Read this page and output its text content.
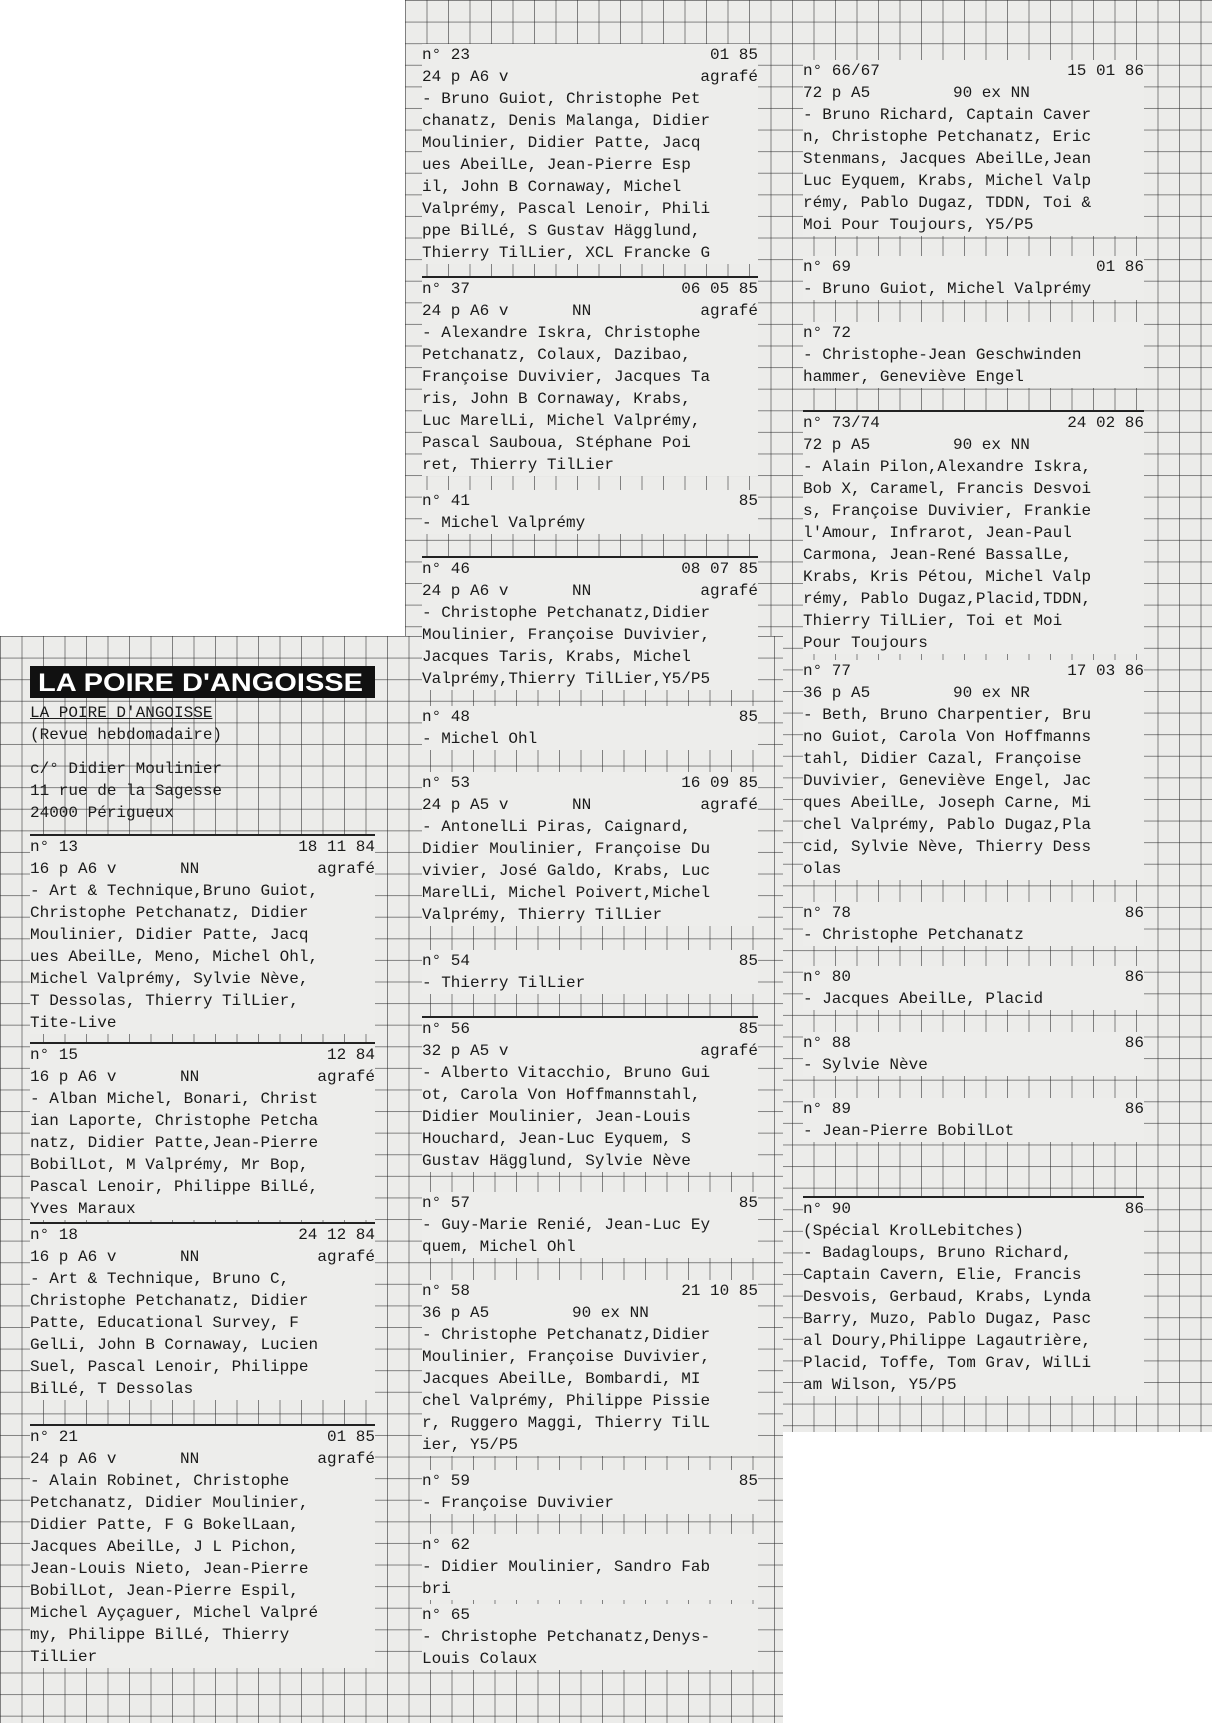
LA POIRE D'ANGOISSE
LA POIRE D'ANGOISSE
(Revue hebdomadaire)
c/° Didier Moulinier
11 rue de la Sagesse
24000 Périgueux
n° 13	18 11 84
16 p A6 v	NN	agrafé
- Art & Technique,Bruno Guiot,
Christophe Petchanatz, Didier
Moulinier, Didier Patte, Jacq
ues AbeilLe, Meno, Michel Ohl,
Michel Valprémy, Sylvie Nève,
T Dessolas, Thierry TilLier,
Tite-Live
n° 15	12 84
16 p A6 v	NN	agrafé
- Alban Michel, Bonari, Christ
ian Laporte, Christophe Petcha
natz, Didier Patte,Jean-Pierre
BobilLot, M Valprémy, Mr Bop,
Pascal Lenoir, Philippe BilLé,
Yves Maraux
n° 18	24 12 84
16 p A6 v	NN	agrafé
- Art & Technique, Bruno C,
Christophe Petchanatz, Didier
Patte, Educational Survey, F
GelLi, John B Cornaway, Lucien
Suel, Pascal Lenoir, Philippe
BilLé, T Dessolas
n° 21	01 85
24 p A6 v	NN	agrafé
- Alain Robinet, Christophe
Petchanatz, Didier Moulinier,
Didier Patte, F G BokelLaan,
Jacques AbeilLe, J L Pichon,
Jean-Louis Nieto, Jean-Pierre
BobilLot, Jean-Pierre Espil,
Michel Ayçaguer, Michel Valpré
my, Philippe BilLé, Thierry
TilLier
n° 23	01 85
24 p A6 v	agrafé
- Bruno Guiot, Christophe Pet
chanatz, Denis Malanga, Didier
Moulinier, Didier Patte, Jacq
ues AbeilLe, Jean-Pierre Esp
il, John B Cornaway, Michel
Valprémy, Pascal Lenoir, Phili
ppe BilLé, S Gustav Hägglund,
Thierry TilLier, XCL Francke G
n° 37	06 05 85
24 p A6 v	NN	agrafé
- Alexandre Iskra, Christophe
Petchanatz, Colaux, Dazibao,
Françoise Duvivier, Jacques Ta
ris, John B Cornaway, Krabs,
Luc MarelLi, Michel Valprémy,
Pascal Sauboua, Stéphane Poi
ret, Thierry TilLier
n° 41	85
- Michel Valprémy
n° 46	08 07 85
24 p A6 v	NN	agrafé
- Christophe Petchanatz,Didier
Moulinier, Françoise Duvivier,
Jacques Taris, Krabs, Michel
Valprémy,Thierry TilLier,Y5/P5
n° 48	85
- Michel Ohl
n° 53	16 09 85
24 p A5 v	NN	agrafé
- AntonelLi Piras, Caignard,
Didier Moulinier, Françoise Du
vivier, José Galdo, Krabs, Luc
MarelLi, Michel Poivert,Michel
Valprémy, Thierry TilLier
n° 54	85
- Thierry TilLier
n° 56	85
32 p A5 v	agrafé
- Alberto Vitacchio, Bruno Gui
ot, Carola Von Hoffmannstahl,
Didier Moulinier, Jean-Louis
Houchard, Jean-Luc Eyquem, S
Gustav Hägglund, Sylvie Nève
n° 57	85
- Guy-Marie Renié, Jean-Luc Ey
quem, Michel Ohl
n° 58	21 10 85
36 p A5	90 ex NN
- Christophe Petchanatz,Didier
Moulinier, Françoise Duvivier,
Jacques AbeilLe, Bombardi, MI
chel Valprémy, Philippe Pissie
r, Ruggero Maggi, Thierry TilL
ier, Y5/P5
n° 59	85
- Françoise Duvivier
n° 62
- Didier Moulinier, Sandro Fab
bri
n° 65
- Christophe Petchanatz,Denys-
Louis Colaux
n° 66/67	15 01 86
72 p A5	90 ex NN
- Bruno Richard, Captain Caver
n, Christophe Petchanatz, Eric
Stenmans, Jacques AbeilLe,Jean
Luc Eyquem, Krabs, Michel Valp
rémy, Pablo Dugaz, TDDN, Toi &
Moi Pour Toujours, Y5/P5
n° 69	01 86
- Bruno Guiot, Michel Valprémy
n° 72
- Christophe-Jean Geschwinden
hammer, Geneviève Engel
n° 73/74	24 02 86
72 p A5	90 ex NN
- Alain Pilon,Alexandre Iskra,
Bob X, Caramel, Francis Desvoi
s, Françoise Duvivier, Frankie
l'Amour, Infrarot, Jean-Paul
Carmona, Jean-René BassalLe,
Krabs, Kris Pétou, Michel Valp
rémy, Pablo Dugaz,Placid,TDDN,
Thierry TilLier, Toi et Moi
Pour Toujours
n° 77	17 03 86
36 p A5	90 ex NR
- Beth, Bruno Charpentier, Bru
no Guiot, Carola Von Hoffmanns
tahl, Didier Cazal, Françoise
Duvivier, Geneviève Engel, Jac
ques AbeilLe, Joseph Carne, Mi
chel Valprémy, Pablo Dugaz,Pla
cid, Sylvie Nève, Thierry Dess
olas
n° 78	86
- Christophe Petchanatz
n° 80	86
- Jacques AbeilLe, Placid
n° 88	86
- Sylvie Nève
n° 89	86
- Jean-Pierre BobilLot
n° 90	86
(Spécial KrolLebitches)
- Badagloups, Bruno Richard,
Captain Cavern, Elie, Francis
Desvois, Gerbaud, Krabs, Lynda
Barry, Muzo, Pablo Dugaz, Pasc
al Doury,Philippe Lagautrière,
Placid, Toffe, Tom Grav, WilLi
am Wilson, Y5/P5
